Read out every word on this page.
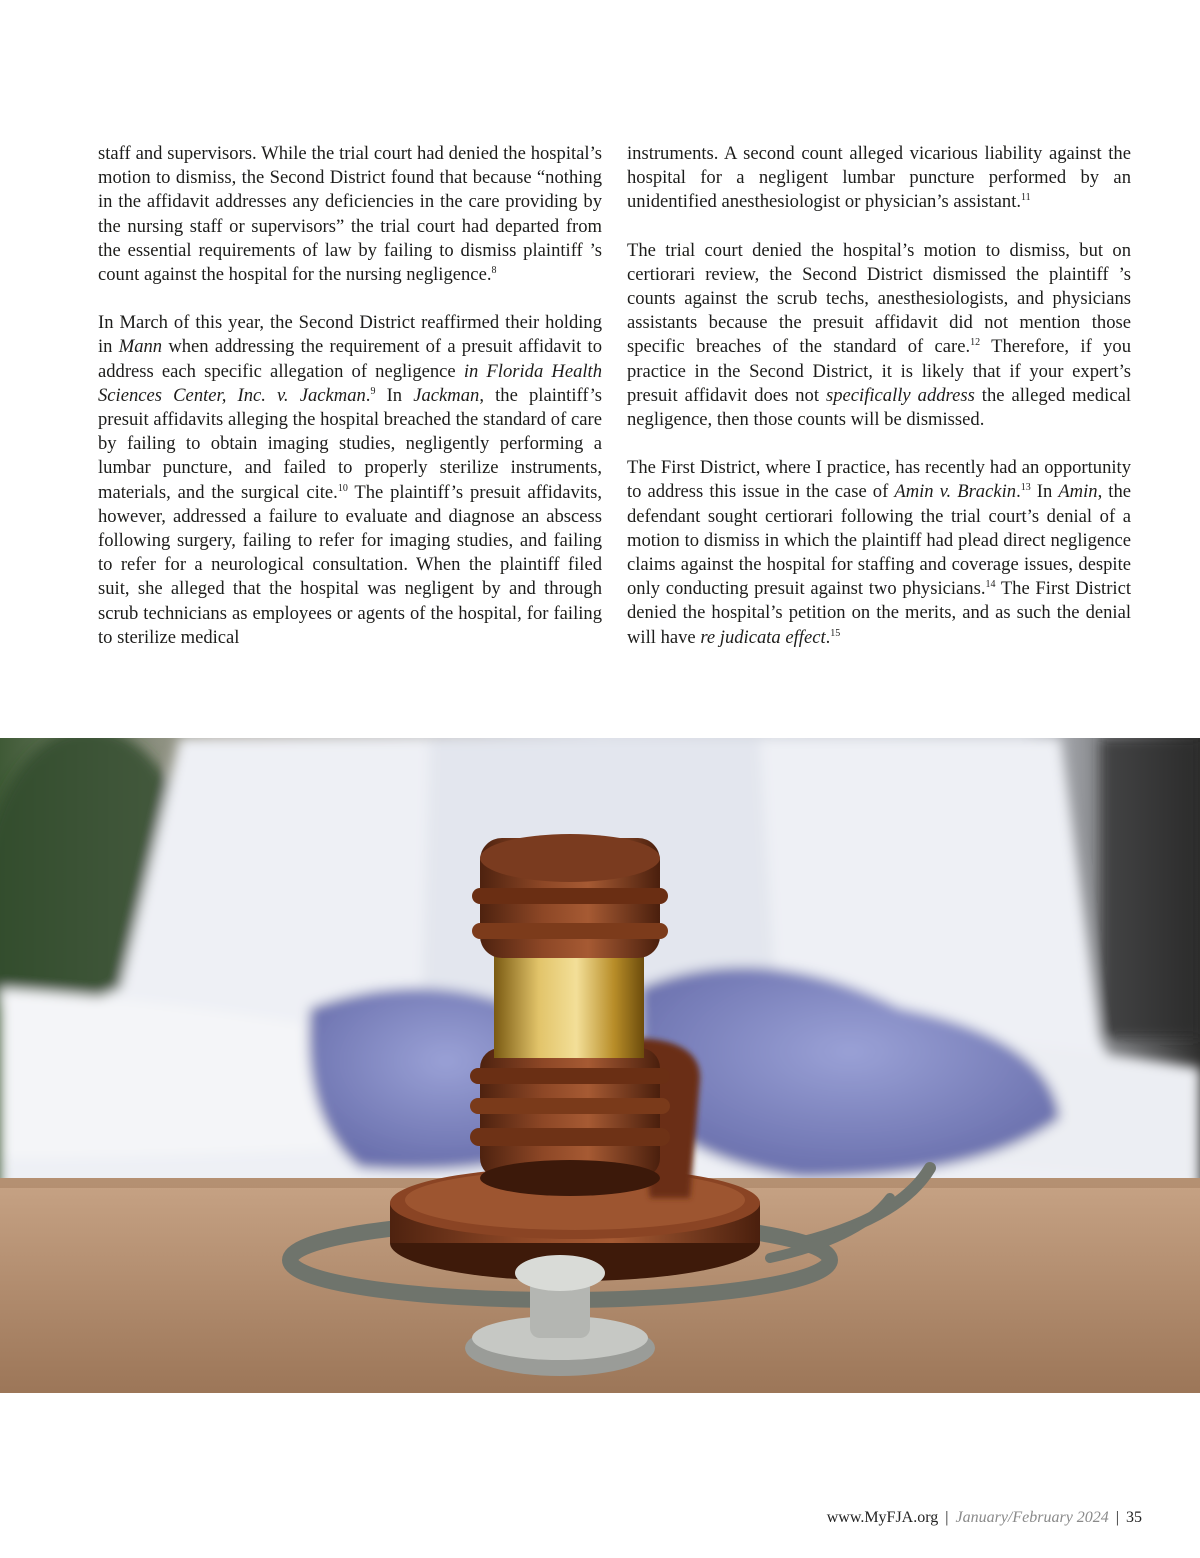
staff and supervisors. While the trial court had denied the hospital’s motion to dismiss, the Second District found that because “nothing in the affidavit addresses any deficiencies in the care providing by the nursing staff or supervisors” the trial court had departed from the essential requirements of law by failing to dismiss plaintiff ’s count against the hospital for the nursing negligence.$^8$

In March of this year, the Second District reaffirmed their holding in Mann when addressing the requirement of a presuit affidavit to address each specific allegation of negligence in Florida Health Sciences Center, Inc. v. Jackman.$^9$ In Jackman, the plaintiff’s presuit affidavits alleging the hospital breached the standard of care by failing to obtain imaging studies, negligently performing a lumbar puncture, and failed to properly sterilize instruments, materials, and the surgical cite.$^{10}$ The plaintiff’s presuit affidavits, however, addressed a failure to evaluate and diagnose an abscess following surgery, failing to refer for imaging studies, and failing to refer for a neurological consultation. When the plaintiff filed suit, she alleged that the hospital was negligent by and through scrub technicians as employees or agents of the hospital, for failing to sterilize medical

instruments. A second count alleged vicarious liability against the hospital for a negligent lumbar puncture performed by an unidentified anesthesiologist or physician’s assistant.$^{11}$

The trial court denied the hospital’s motion to dismiss, but on certiorari review, the Second District dismissed the plaintiff ’s counts against the scrub techs, anesthesiologists, and physicians assistants because the presuit affidavit did not mention those specific breaches of the standard of care.$^{12}$ Therefore, if you practice in the Second District, it is likely that if your expert’s presuit affidavit does not specifically address the alleged medical negligence, then those counts will be dismissed.

The First District, where I practice, has recently had an opportunity to address this issue in the case of Amin v. Brackin.$^{13}$ In Amin, the defendant sought certiorari following the trial court’s denial of a motion to dismiss in which the plaintiff had plead direct negligence claims against the hospital for staffing and coverage issues, despite only conducting presuit against two physicians.$^{14}$ The First District denied the hospital’s petition on the merits, and as such the denial will have re judicata effect.$^{15}$

www.MyFJA.org | January/February 2024 | 35
